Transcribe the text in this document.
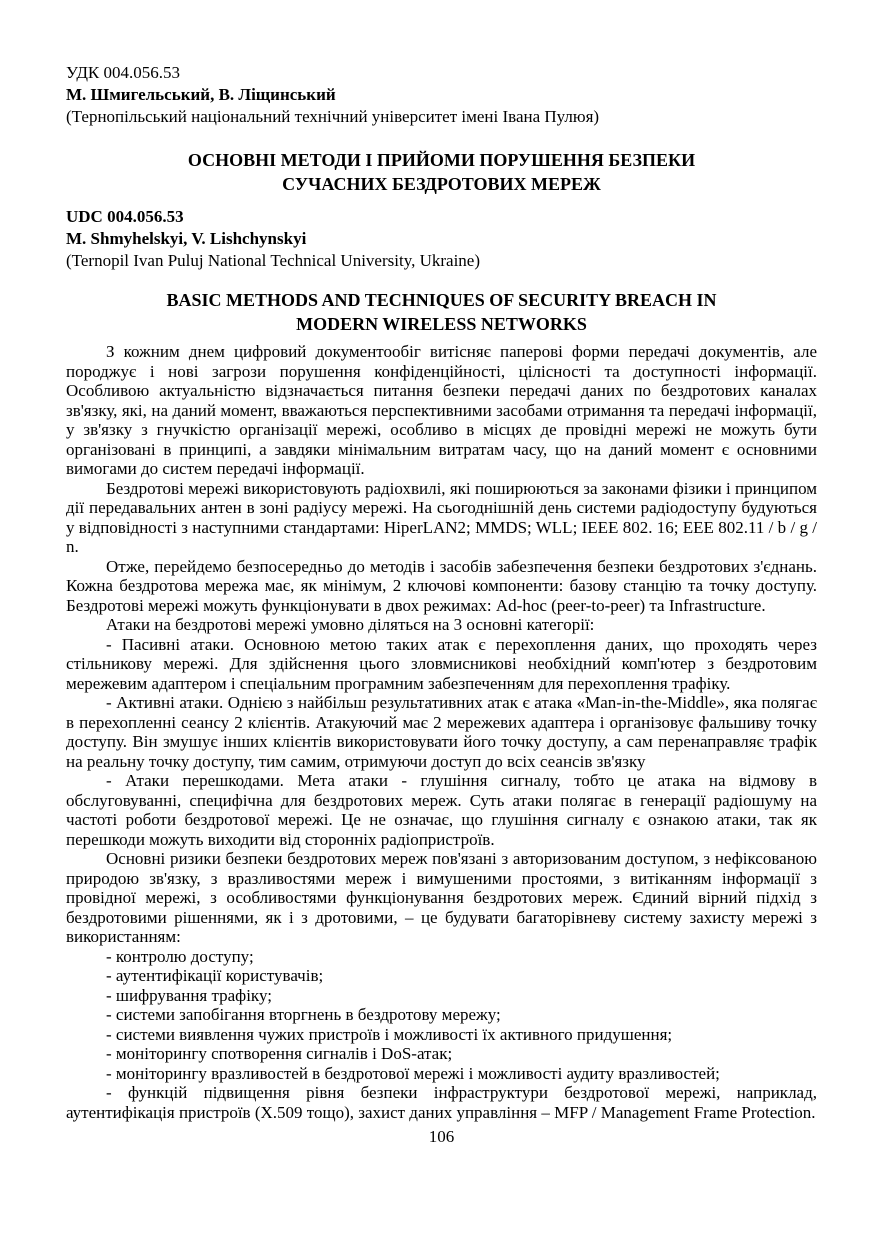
УДК 004.056.53
М. Шмигельський, В. Ліщинський
(Тернопільський національний технічний університет імені Івана Пулюя)
ОСНОВНІ МЕТОДИ І ПРИЙОМИ ПОРУШЕННЯ БЕЗПЕКИ
СУЧАСНИХ БЕЗДРОТОВИХ МЕРЕЖ
UDC 004.056.53
M. Shmyhelskyi, V. Lishchynskyi
(Ternopil Ivan Puluj National Technical University, Ukraine)
BASIC METHODS AND TECHNIQUES OF SECURITY BREACH IN
MODERN WIRELESS NETWORKS

З кожним днем цифровий документообіг витісняє паперові форми передачі документів, але породжує і нові загрози порушення конфіденційності, цілісності та доступності інформації. Особливою актуальністю відзначається питання безпеки передачі даних по бездротових каналах зв'язку, які, на даний момент, вважаються перспективними засобами отримання та передачі інформації, у зв'язку з гнучкістю організації мережі, особливо в місцях де провідні мережі не можуть бути організовані в принципі, а завдяки мінімальним витратам часу, що на даний момент є основними вимогами до систем передачі інформації.

Бездротові мережі використовують радіохвилі, які поширюються за законами фізики і принципом дії передавальних антен в зоні радіусу мережі. На сьогоднішній день системи радіодоступу будуються у відповідності з наступними стандартами: HiperLAN2; MMDS; WLL; IEEE 802. 16; ЕЕЕ 802.11 / b / g / n.

Отже, перейдемо безпосередньо до методів і засобів забезпечення безпеки бездротових з'єднань. Кожна бездротова мережа має, як мінімум, 2 ключові компоненти: базову станцію та точку доступу. Бездротові мережі можуть функціонувати в двох режимах: Ad-hoc (peer-to-peer) та Infrastructure.

Атаки на бездротові мережі умовно діляться на 3 основні категорії:

- Пасивні атаки. Основною метою таких атак є перехоплення даних, що проходять через стільникову мережі. Для здійснення цього зловмисникові необхідний комп'ютер з бездротовим мережевим адаптером і спеціальним програмним забезпеченням для перехоплення трафіку.

- Активні атаки. Однією з найбільш результативних атак є атака «Man-in-the-Middle», яка полягає в перехопленні сеансу 2 клієнтів. Атакуючий має 2 мережевих адаптера і організовує фальшиву точку доступу. Він змушує інших клієнтів використовувати його точку доступу, а сам перенаправляє трафік на реальну точку доступу, тим самим, отримуючи доступ до всіх сеансів зв'язку

- Атаки перешкодами. Мета атаки - глушіння сигналу, тобто це атака на відмову в обслуговуванні, специфічна для бездротових мереж. Суть атаки полягає в генерації радіошуму на частоті роботи бездротової мережі. Це не означає, що глушіння сигналу є ознакою атаки, так як перешкоди можуть виходити від сторонніх радіопристроїв.

Основні ризики безпеки бездротових мереж пов'язані з авторизованим доступом, з нефіксованою природою зв'язку, з вразливостями мереж і вимушеними простоями, з витіканням інформації з провідної мережі, з особливостями функціонування бездротових мереж. Єдиний вірний підхід з бездротовими рішеннями, як і з дротовими, – це будувати багаторівневу систему захисту мережі з використанням:

- контролю доступу;

- аутентифікації користувачів;

- шифрування трафіку;

- системи запобігання вторгнень в бездротову мережу;

- системи виявлення чужих пристроїв і можливості їх активного придушення;

- моніторингу спотворення сигналів і DoS-атак;

- моніторингу вразливостей в бездротової мережі і можливості аудиту вразливостей;

- функцій підвищення рівня безпеки інфраструктури бездротової мережі, наприклад, аутентифікація пристроїв (X.509 тощо), захист даних управління – MFP / Management Frame Protection.

106
